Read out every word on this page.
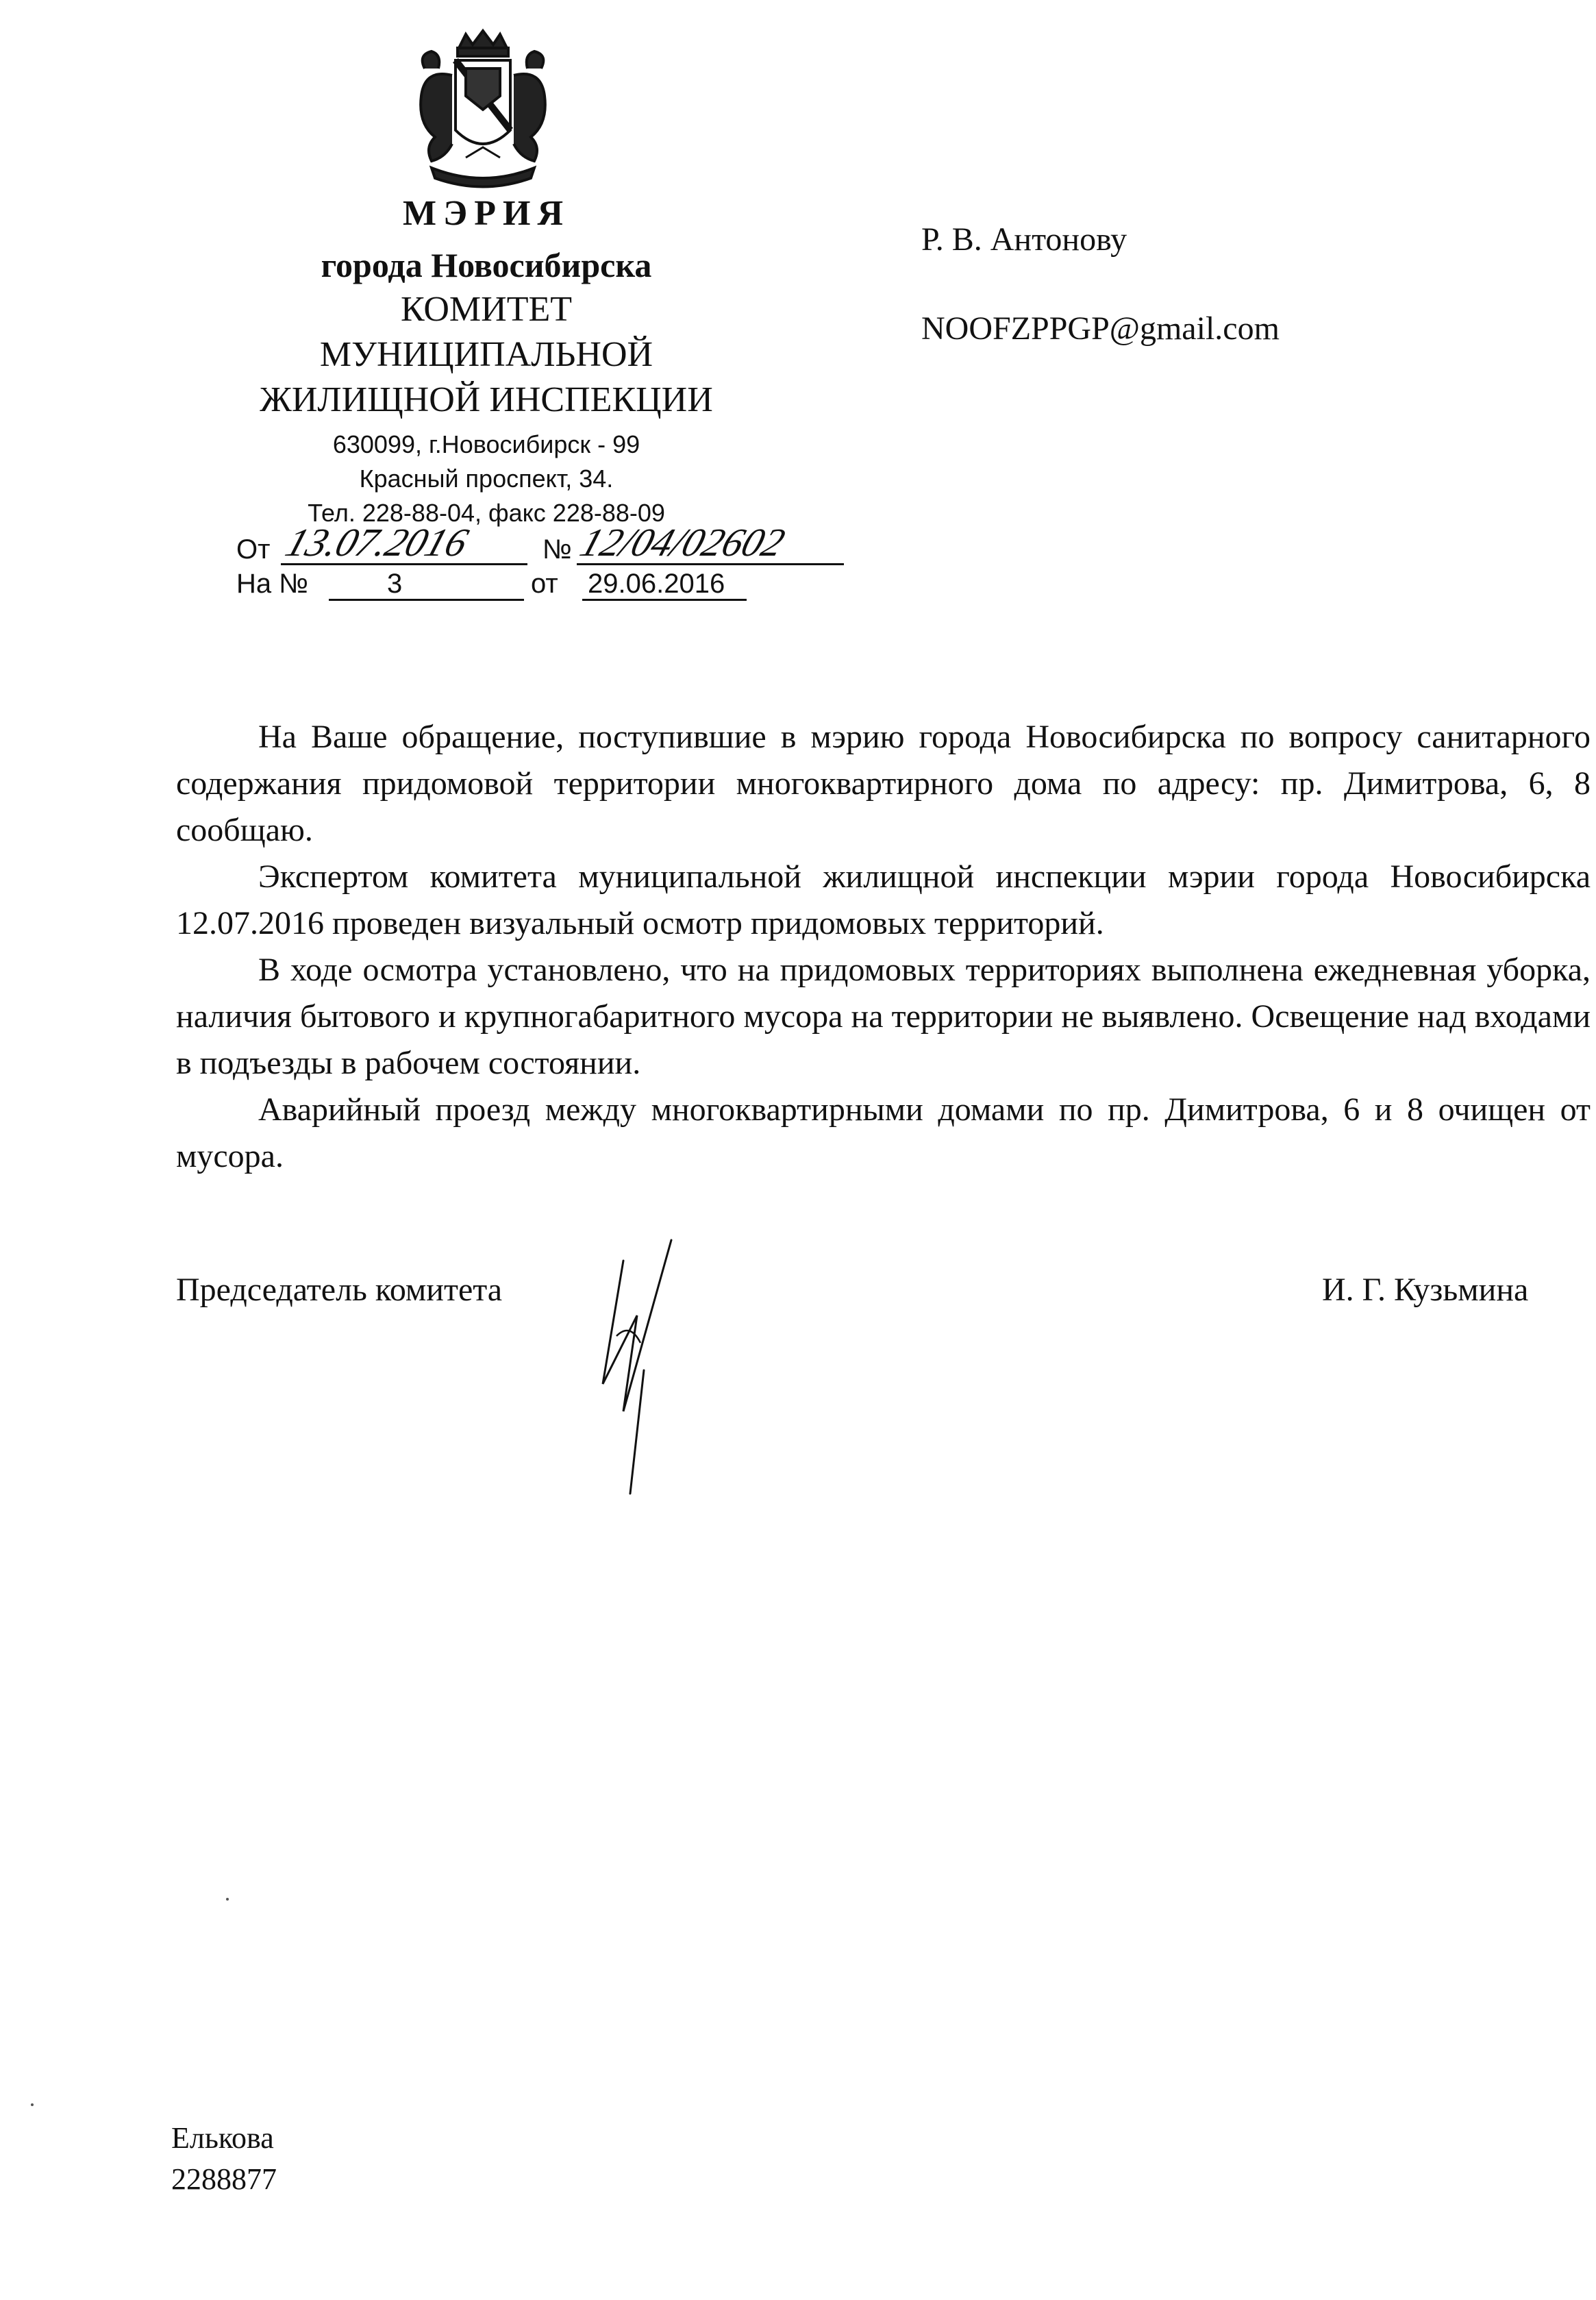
МЭРИЯ
города Новосибирска
КОМИТЕТ
МУНИЦИПАЛЬНОЙ
ЖИЛИЩНОЙ ИНСПЕКЦИИ
630099, г.Новосибирск - 99
Красный проспект, 34.
Тел. 228-88-04, факс 228-88-09
От 13.07.2016	№ 12/04/02602
На №	3	от 29.06.2016
Р. В. Антонову
NOOFZPPGP@gmail.com

На Ваше обращение, поступившие в мэрию города Новосибирска по вопросу санитарного содержания придомовой территории многоквартирного дома по адресу: пр. Димитрова, 6, 8 сообщаю.

Экспертом комитета муниципальной жилищной инспекции мэрии города Новосибирска 12.07.2016 проведен визуальный осмотр придомовых территорий.

В ходе осмотра установлено, что на придомовых территориях выполнена ежедневная уборка, наличия бытового и крупногабаритного мусора на территории не выявлено. Освещение над входами в подъезды в рабочем состоянии.

Аварийный проезд между многоквартирными домами по пр. Димитрова, 6 и 8 очищен от мусора.

Председатель комитета	И. Г. Кузьмина
Елькова
2288877
